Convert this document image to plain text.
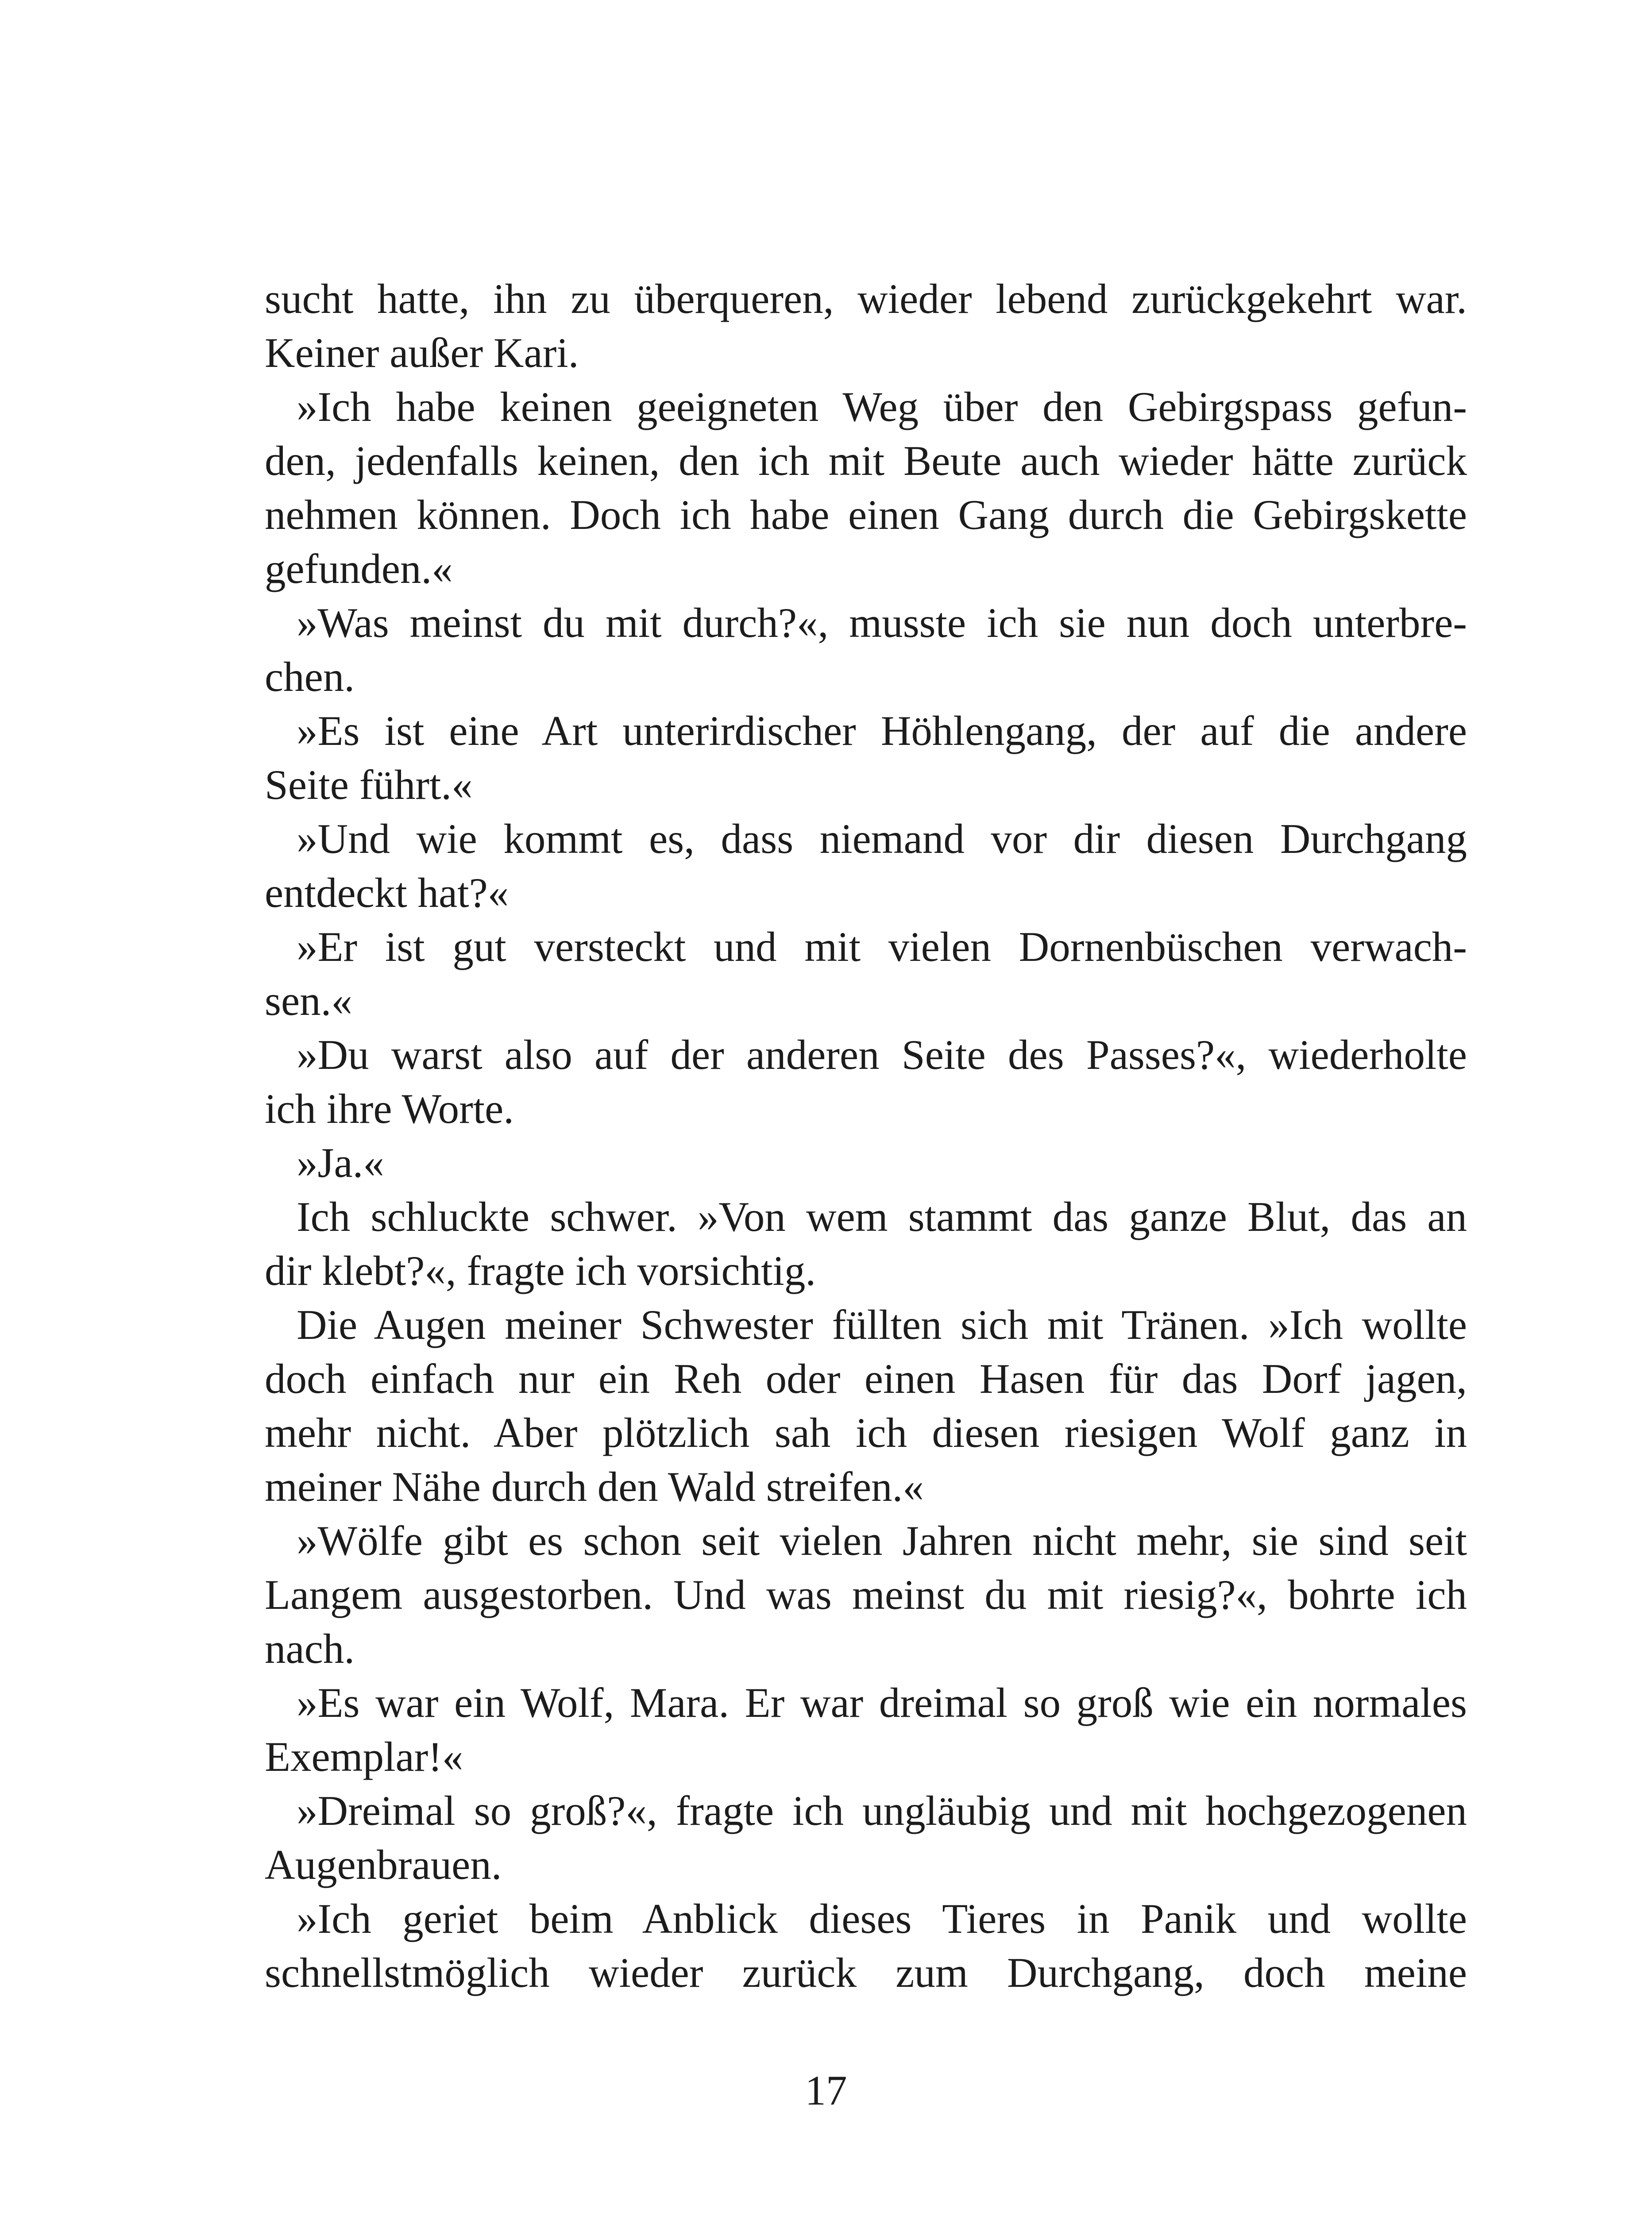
sucht hatte, ihn zu überqueren, wieder lebend zurückgekehrt war.
Keiner außer Kari.
»Ich habe keinen geeigneten Weg über den Gebirgspass gefun-
den, jedenfalls keinen, den ich mit Beute auch wieder hätte zurück
nehmen können. Doch ich habe einen Gang durch die Gebirgskette
gefunden.«
»Was meinst du mit durch?«, musste ich sie nun doch unterbre-
chen.
»Es ist eine Art unterirdischer Höhlengang, der auf die andere
Seite führt.«
»Und wie kommt es, dass niemand vor dir diesen Durchgang
entdeckt hat?«
»Er ist gut versteckt und mit vielen Dornenbüschen verwach-
sen.«
»Du warst also auf der anderen Seite des Passes?«, wiederholte
ich ihre Worte.
»Ja.«
Ich schluckte schwer. »Von wem stammt das ganze Blut, das an
dir klebt?«, fragte ich vorsichtig.
Die Augen meiner Schwester füllten sich mit Tränen. »Ich wollte
doch einfach nur ein Reh oder einen Hasen für das Dorf jagen,
mehr nicht. Aber plötzlich sah ich diesen riesigen Wolf ganz in
meiner Nähe durch den Wald streifen.«
»Wölfe gibt es schon seit vielen Jahren nicht mehr, sie sind seit
Langem ausgestorben. Und was meinst du mit riesig?«, bohrte ich
nach.
»Es war ein Wolf, Mara. Er war dreimal so groß wie ein normales
Exemplar!«
»Dreimal so groß?«, fragte ich ungläubig und mit hochgezogenen
Augenbrauen.
»Ich geriet beim Anblick dieses Tieres in Panik und wollte
schnellstmöglich wieder zurück zum Durchgang, doch meine
17
